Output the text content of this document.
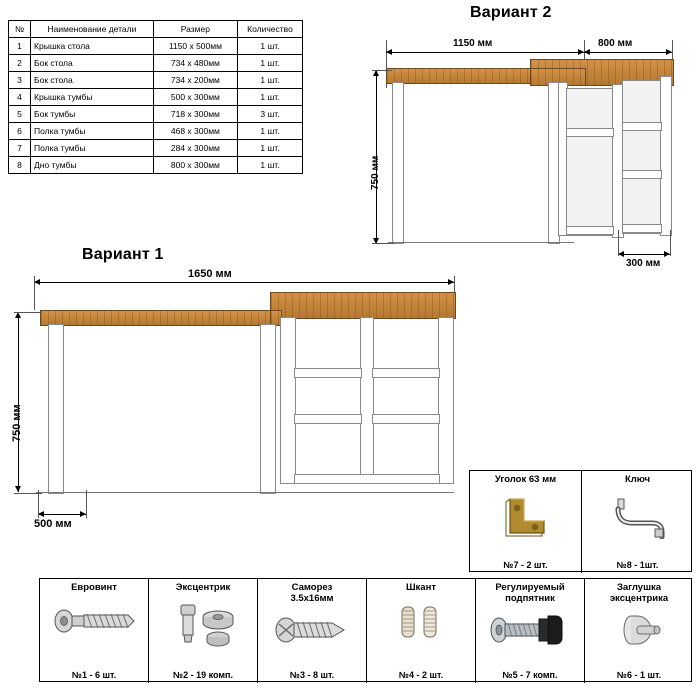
№	Наименование детали	Размер	Количество
1	Крышка стола	1150 x 500мм	1 шт.
2	Бок стола	734 x 480мм	1 шт.
3	Бок стола	734 x 200мм	1 шт.
4	Крышка тумбы	500 x 300мм	1 шт.
5	Бок тумбы	718 x 300мм	3 шт.
6	Полка тумбы	468 x 300мм	1 шт.
7	Полка тумбы	284 x 300мм	1 шт.
8	Дно тумбы	800 x 300мм	1 шт.
Вариант 2
1150 мм	800 мм
750 мм
300 мм
Вариант 1
1650 мм
750 мм
500 мм
Уголок 63 мм
№7 - 2 шт.
Ключ
№8 - 1шт.
Евровинт
№1 - 6 шт.
Эксцентрик
№2 - 19 комп.
Саморез
3.5x16мм
№3 - 8 шт.
Шкант
№4 - 2 шт.
Регулируемый
подпятник
№5 - 7 комп.
Заглушка
эксцентрика
№6 - 1 шт.
